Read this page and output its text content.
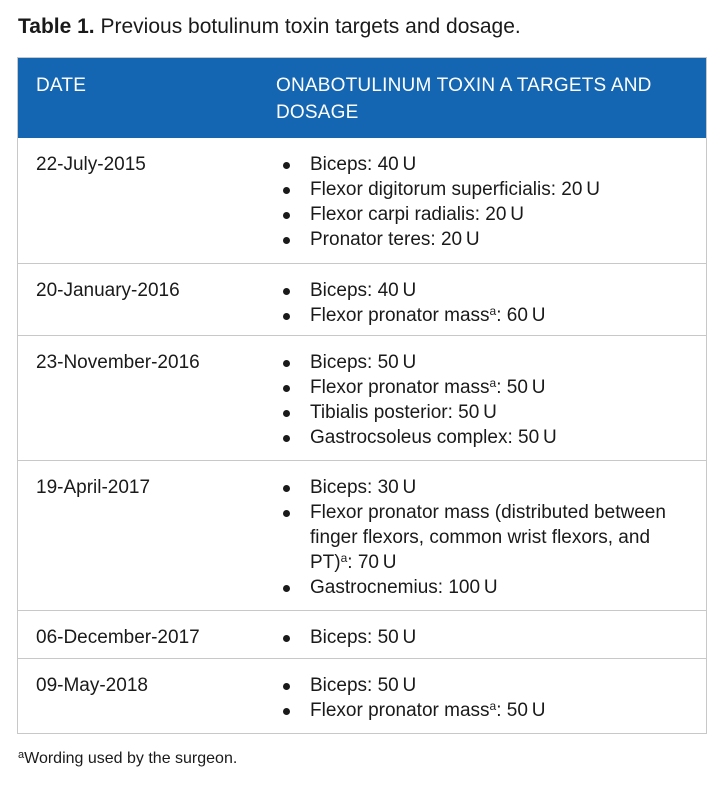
Table 1. Previous botulinum toxin targets and dosage.
DATE	ONABOTULINUM TOXIN A TARGETS AND DOSAGE
22-July-2015	Biceps: 40 U
Flexor digitorum superficialis: 20 U
Flexor carpi radialis: 20 U
Pronator teres: 20 U
20-January-2016	Biceps: 40 U
Flexor pronator mass$^a$: 60 U
23-November-2016	Biceps: 50 U
Flexor pronator mass$^a$: 50 U
Tibialis posterior: 50 U
Gastrocsoleus complex: 50 U
19-April-2017	Biceps: 30 U
Flexor pronator mass (distributed between finger flexors, common wrist flexors, and PT)$^a$: 70 U
Gastrocnemius: 100 U
06-December-2017	Biceps: 50 U
09-May-2018	Biceps: 50 U
Flexor pronator mass$^a$: 50 U
$^a$Wording used by the surgeon.
